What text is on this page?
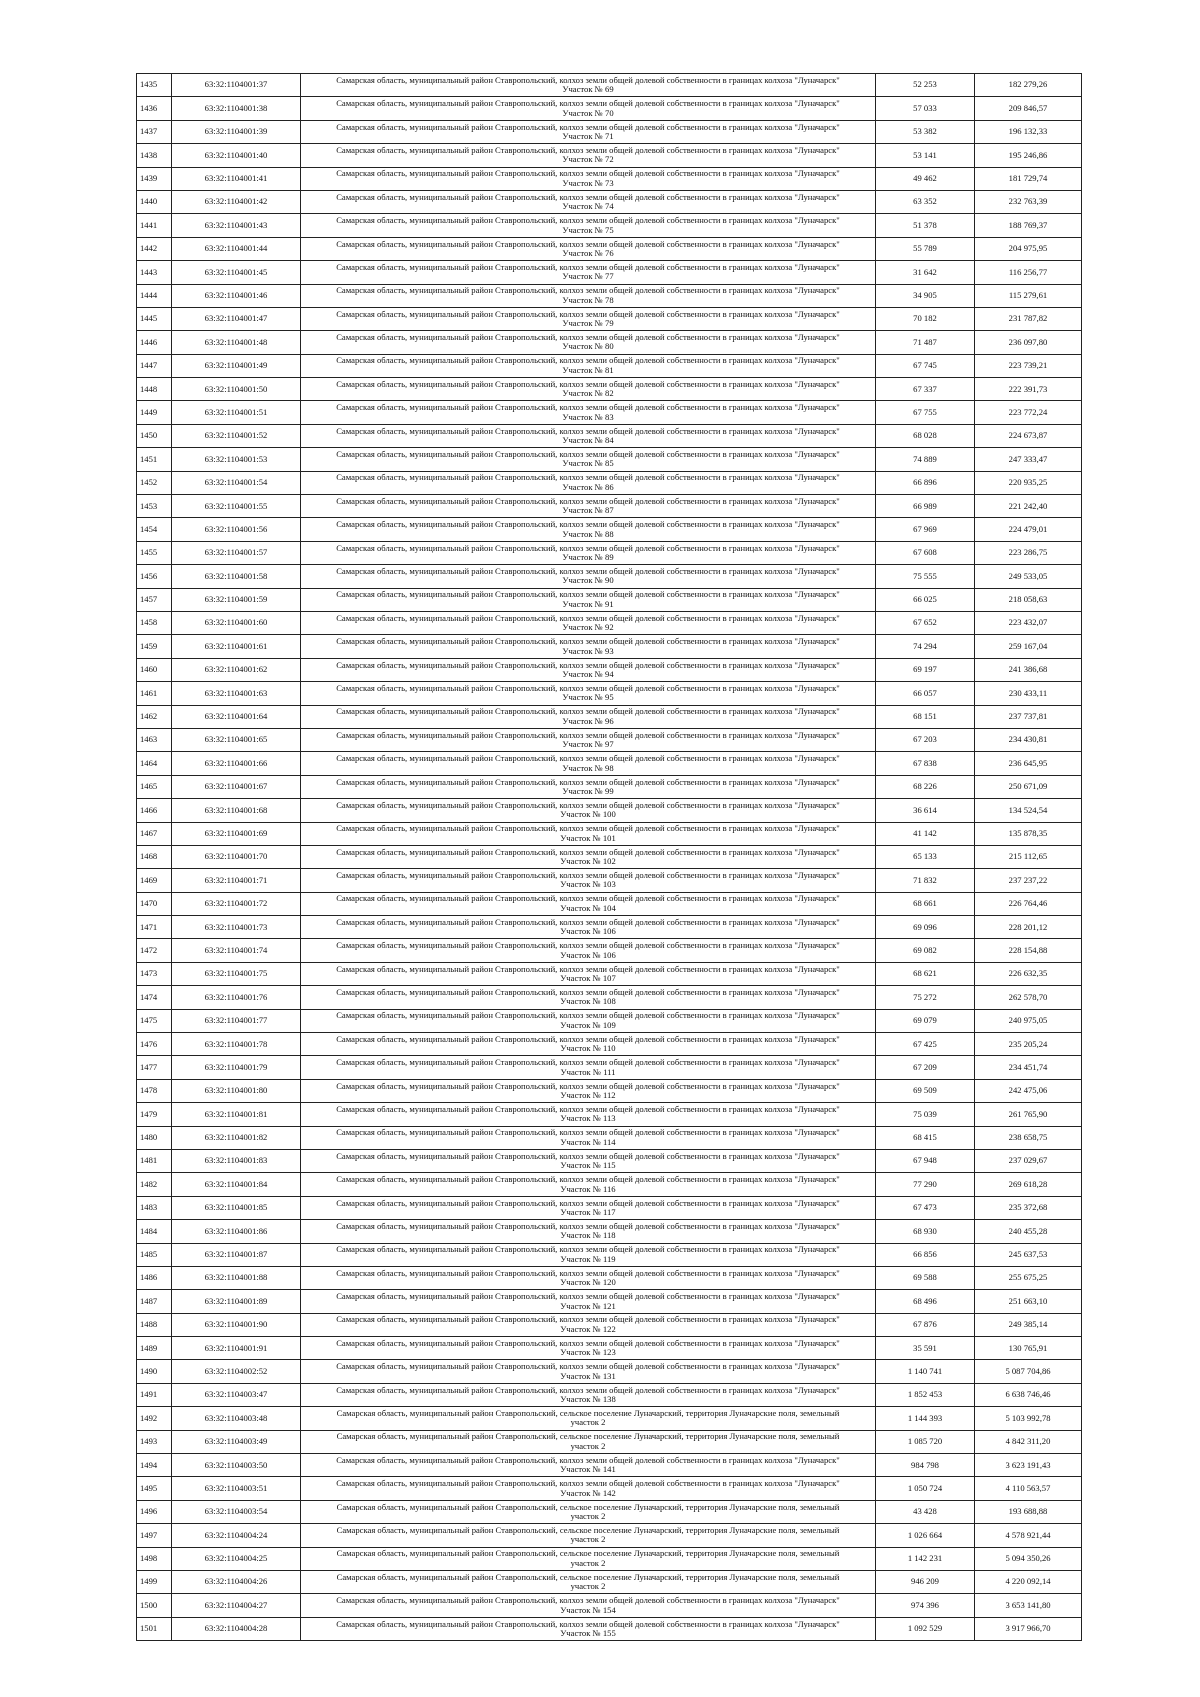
1435	63:32:1104001:37	Самарская область, муниципальный район Ставропольский, колхоз земли общей долевой собственности в границах колхоза "Луначарск"
Участок № 69	52 253	182 279,26
1436	63:32:1104001:38	Самарская область, муниципальный район Ставропольский, колхоз земли общей долевой собственности в границах колхоза "Луначарск"
Участок № 70	57 033	209 846,57
1437	63:32:1104001:39	Самарская область, муниципальный район Ставропольский, колхоз земли общей долевой собственности в границах колхоза "Луначарск"
Участок № 71	53 382	196 132,33
1438	63:32:1104001:40	Самарская область, муниципальный район Ставропольский, колхоз земли общей долевой собственности в границах колхоза "Луначарск"
Участок № 72	53 141	195 246,86
1439	63:32:1104001:41	Самарская область, муниципальный район Ставропольский, колхоз земли общей долевой собственности в границах колхоза "Луначарск"
Участок № 73	49 462	181 729,74
1440	63:32:1104001:42	Самарская область, муниципальный район Ставропольский, колхоз земли общей долевой собственности в границах колхоза "Луначарск"
Участок № 74	63 352	232 763,39
1441	63:32:1104001:43	Самарская область, муниципальный район Ставропольский, колхоз земли общей долевой собственности в границах колхоза "Луначарск"
Участок № 75	51 378	188 769,37
1442	63:32:1104001:44	Самарская область, муниципальный район Ставропольский, колхоз земли общей долевой собственности в границах колхоза "Луначарск"
Участок № 76	55 789	204 975,95
1443	63:32:1104001:45	Самарская область, муниципальный район Ставропольский, колхоз земли общей долевой собственности в границах колхоза "Луначарск"
Участок № 77	31 642	116 256,77
1444	63:32:1104001:46	Самарская область, муниципальный район Ставропольский, колхоз земли общей долевой собственности в границах колхоза "Луначарск"
Участок № 78	34 905	115 279,61
1445	63:32:1104001:47	Самарская область, муниципальный район Ставропольский, колхоз земли общей долевой собственности в границах колхоза "Луначарск"
Участок № 79	70 182	231 787,82
1446	63:32:1104001:48	Самарская область, муниципальный район Ставропольский, колхоз земли общей долевой собственности в границах колхоза "Луначарск"
Участок № 80	71 487	236 097,80
1447	63:32:1104001:49	Самарская область, муниципальный район Ставропольский, колхоз земли общей долевой собственности в границах колхоза "Луначарск"
Участок № 81	67 745	223 739,21
1448	63:32:1104001:50	Самарская область, муниципальный район Ставропольский, колхоз земли общей долевой собственности в границах колхоза "Луначарск"
Участок № 82	67 337	222 391,73
1449	63:32:1104001:51	Самарская область, муниципальный район Ставропольский, колхоз земли общей долевой собственности в границах колхоза "Луначарск"
Участок № 83	67 755	223 772,24
1450	63:32:1104001:52	Самарская область, муниципальный район Ставропольский, колхоз земли общей долевой собственности в границах колхоза "Луначарск"
Участок № 84	68 028	224 673,87
1451	63:32:1104001:53	Самарская область, муниципальный район Ставропольский, колхоз земли общей долевой собственности в границах колхоза "Луначарск"
Участок № 85	74 889	247 333,47
1452	63:32:1104001:54	Самарская область, муниципальный район Ставропольский, колхоз земли общей долевой собственности в границах колхоза "Луначарск"
Участок № 86	66 896	220 935,25
1453	63:32:1104001:55	Самарская область, муниципальный район Ставропольский, колхоз земли общей долевой собственности в границах колхоза "Луначарск"
Участок № 87	66 989	221 242,40
1454	63:32:1104001:56	Самарская область, муниципальный район Ставропольский, колхоз земли общей долевой собственности в границах колхоза "Луначарск"
Участок № 88	67 969	224 479,01
1455	63:32:1104001:57	Самарская область, муниципальный район Ставропольский, колхоз земли общей долевой собственности в границах колхоза "Луначарск"
Участок № 89	67 608	223 286,75
1456	63:32:1104001:58	Самарская область, муниципальный район Ставропольский, колхоз земли общей долевой собственности в границах колхоза "Луначарск"
Участок № 90	75 555	249 533,05
1457	63:32:1104001:59	Самарская область, муниципальный район Ставропольский, колхоз земли общей долевой собственности в границах колхоза "Луначарск"
Участок № 91	66 025	218 058,63
1458	63:32:1104001:60	Самарская область, муниципальный район Ставропольский, колхоз земли общей долевой собственности в границах колхоза "Луначарск"
Участок № 92	67 652	223 432,07
1459	63:32:1104001:61	Самарская область, муниципальный район Ставропольский, колхоз земли общей долевой собственности в границах колхоза "Луначарск"
Участок № 93	74 294	259 167,04
1460	63:32:1104001:62	Самарская область, муниципальный район Ставропольский, колхоз земли общей долевой собственности в границах колхоза "Луначарск"
Участок № 94	69 197	241 386,68
1461	63:32:1104001:63	Самарская область, муниципальный район Ставропольский, колхоз земли общей долевой собственности в границах колхоза "Луначарск"
Участок № 95	66 057	230 433,11
1462	63:32:1104001:64	Самарская область, муниципальный район Ставропольский, колхоз земли общей долевой собственности в границах колхоза "Луначарск"
Участок № 96	68 151	237 737,81
1463	63:32:1104001:65	Самарская область, муниципальный район Ставропольский, колхоз земли общей долевой собственности в границах колхоза "Луначарск"
Участок № 97	67 203	234 430,81
1464	63:32:1104001:66	Самарская область, муниципальный район Ставропольский, колхоз земли общей долевой собственности в границах колхоза "Луначарск"
Участок № 98	67 838	236 645,95
1465	63:32:1104001:67	Самарская область, муниципальный район Ставропольский, колхоз земли общей долевой собственности в границах колхоза "Луначарск"
Участок № 99	68 226	250 671,09
1466	63:32:1104001:68	Самарская область, муниципальный район Ставропольский, колхоз земли общей долевой собственности в границах колхоза "Луначарск"
Участок № 100	36 614	134 524,54
1467	63:32:1104001:69	Самарская область, муниципальный район Ставропольский, колхоз земли общей долевой собственности в границах колхоза "Луначарск"
Участок № 101	41 142	135 878,35
1468	63:32:1104001:70	Самарская область, муниципальный район Ставропольский, колхоз земли общей долевой собственности в границах колхоза "Луначарск"
Участок № 102	65 133	215 112,65
1469	63:32:1104001:71	Самарская область, муниципальный район Ставропольский, колхоз земли общей долевой собственности в границах колхоза "Луначарск"
Участок № 103	71 832	237 237,22
1470	63:32:1104001:72	Самарская область, муниципальный район Ставропольский, колхоз земли общей долевой собственности в границах колхоза "Луначарск"
Участок № 104	68 661	226 764,46
1471	63:32:1104001:73	Самарская область, муниципальный район Ставропольский, колхоз земли общей долевой собственности в границах колхоза "Луначарск"
Участок № 106	69 096	228 201,12
1472	63:32:1104001:74	Самарская область, муниципальный район Ставропольский, колхоз земли общей долевой собственности в границах колхоза "Луначарск"
Участок № 106	69 082	228 154,88
1473	63:32:1104001:75	Самарская область, муниципальный район Ставропольский, колхоз земли общей долевой собственности в границах колхоза "Луначарск"
Участок № 107	68 621	226 632,35
1474	63:32:1104001:76	Самарская область, муниципальный район Ставропольский, колхоз земли общей долевой собственности в границах колхоза "Луначарск"
Участок № 108	75 272	262 578,70
1475	63:32:1104001:77	Самарская область, муниципальный район Ставропольский, колхоз земли общей долевой собственности в границах колхоза "Луначарск"
Участок № 109	69 079	240 975,05
1476	63:32:1104001:78	Самарская область, муниципальный район Ставропольский, колхоз земли общей долевой собственности в границах колхоза "Луначарск"
Участок № 110	67 425	235 205,24
1477	63:32:1104001:79	Самарская область, муниципальный район Ставропольский, колхоз земли общей долевой собственности в границах колхоза "Луначарск"
Участок № 111	67 209	234 451,74
1478	63:32:1104001:80	Самарская область, муниципальный район Ставропольский, колхоз земли общей долевой собственности в границах колхоза "Луначарск"
Участок № 112	69 509	242 475,06
1479	63:32:1104001:81	Самарская область, муниципальный район Ставропольский, колхоз земли общей долевой собственности в границах колхоза "Луначарск"
Участок № 113	75 039	261 765,90
1480	63:32:1104001:82	Самарская область, муниципальный район Ставропольский, колхоз земли общей долевой собственности в границах колхоза "Луначарск"
Участок № 114	68 415	238 658,75
1481	63:32:1104001:83	Самарская область, муниципальный район Ставропольский, колхоз земли общей долевой собственности в границах колхоза "Луначарск"
Участок № 115	67 948	237 029,67
1482	63:32:1104001:84	Самарская область, муниципальный район Ставропольский, колхоз земли общей долевой собственности в границах колхоза "Луначарск"
Участок № 116	77 290	269 618,28
1483	63:32:1104001:85	Самарская область, муниципальный район Ставропольский, колхоз земли общей долевой собственности в границах колхоза "Луначарск"
Участок № 117	67 473	235 372,68
1484	63:32:1104001:86	Самарская область, муниципальный район Ставропольский, колхоз земли общей долевой собственности в границах колхоза "Луначарск"
Участок № 118	68 930	240 455,28
1485	63:32:1104001:87	Самарская область, муниципальный район Ставропольский, колхоз земли общей долевой собственности в границах колхоза "Луначарск"
Участок № 119	66 856	245 637,53
1486	63:32:1104001:88	Самарская область, муниципальный район Ставропольский, колхоз земли общей долевой собственности в границах колхоза "Луначарск"
Участок № 120	69 588	255 675,25
1487	63:32:1104001:89	Самарская область, муниципальный район Ставропольский, колхоз земли общей долевой собственности в границах колхоза "Луначарск"
Участок № 121	68 496	251 663,10
1488	63:32:1104001:90	Самарская область, муниципальный район Ставропольский, колхоз земли общей долевой собственности в границах колхоза "Луначарск"
Участок № 122	67 876	249 385,14
1489	63:32:1104001:91	Самарская область, муниципальный район Ставропольский, колхоз земли общей долевой собственности в границах колхоза "Луначарск"
Участок № 123	35 591	130 765,91
1490	63:32:1104002:52	Самарская область, муниципальный район Ставропольский, колхоз земли общей долевой собственности в границах колхоза "Луначарск"
Участок № 131	1 140 741	5 087 704,86
1491	63:32:1104003:47	Самарская область, муниципальный район Ставропольский, колхоз земли общей долевой собственности в границах колхоза "Луначарск"
Участок № 138	1 852 453	6 638 746,46
1492	63:32:1104003:48	Самарская область, муниципальный район Ставропольский, сельское поселение Луначарский, территория Луначарские поля, земельный
участок 2	1 144 393	5 103 992,78
1493	63:32:1104003:49	Самарская область, муниципальный район Ставропольский, сельское поселение Луначарский, территория Луначарские поля, земельный
участок 2	1 085 720	4 842 311,20
1494	63:32:1104003:50	Самарская область, муниципальный район Ставропольский, колхоз земли общей долевой собственности в границах колхоза "Луначарск"
Участок № 141	984 798	3 623 191,43
1495	63:32:1104003:51	Самарская область, муниципальный район Ставропольский, колхоз земли общей долевой собственности в границах колхоза "Луначарск"
Участок № 142	1 050 724	4 110 563,57
1496	63:32:1104003:54	Самарская область, муниципальный район Ставропольский, сельское поселение Луначарский, территория Луначарские поля, земельный
участок 2	43 428	193 688,88
1497	63:32:1104004:24	Самарская область, муниципальный район Ставропольский, сельское поселение Луначарский, территория Луначарские поля, земельный
участок 2	1 026 664	4 578 921,44
1498	63:32:1104004:25	Самарская область, муниципальный район Ставропольский, сельское поселение Луначарский, территория Луначарские поля, земельный
участок 2	1 142 231	5 094 350,26
1499	63:32:1104004:26	Самарская область, муниципальный район Ставропольский, сельское поселение Луначарский, территория Луначарские поля, земельный
участок 2	946 209	4 220 092,14
1500	63:32:1104004:27	Самарская область, муниципальный район Ставропольский, колхоз земли общей долевой собственности в границах колхоза "Луначарск"
Участок № 154	974 396	3 653 141,80
1501	63:32:1104004:28	Самарская область, муниципальный район Ставропольский, колхоз земли общей долевой собственности в границах колхоза "Луначарск"
Участок № 155	1 092 529	3 917 966,70
